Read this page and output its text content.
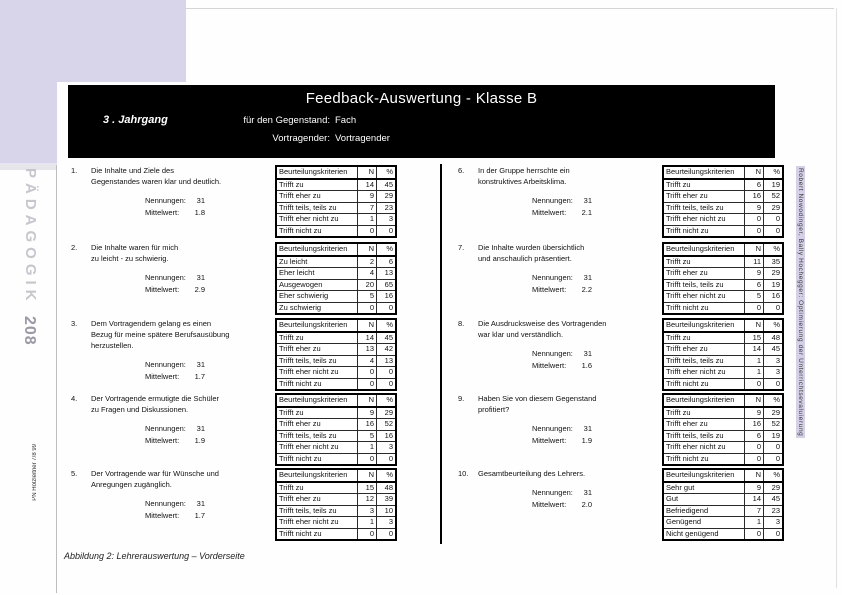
PÄDAGOGIK
208
PN Holzleitner 7/8 99
Robert Nowodinger, Bally Hochegger: Optimierung der Unterrichtsevaluierung
Feedback-Auswertung - Klasse B
3 . Jahrgang	für den Gegenstand: Fach
Vortragender: Vortragender
1.	Die Inhalte und Ziele des
Gegenstandes waren klar und deutlich.
Nennungen:	31
Mittelwert:	1.8
Beurteilungskriterien	N	%
Trifft zu	14	45
Trifft eher zu	9	29
Trifft teils, teils zu	7	23
Trifft eher nicht zu	1	3
Trifft nicht zu	0	0
2.	Die Inhalte waren für mich
zu leicht - zu schwierig.
Nennungen:	31
Mittelwert:	2.9
Beurteilungskriterien	N	%
Zu leicht	2	6
Eher leicht	4	13
Ausgewogen	20	65
Eher schwierig	5	16
Zu schwierig	0	0
3.	Dem Vortragendem gelang es einen
Bezug für meine spätere Berufsausübung
herzustellen.
Nennungen:	31
Mittelwert:	1.7
Beurteilungskriterien	N	%
Trifft zu	14	45
Trifft eher zu	13	42
Trifft teils, teils zu	4	13
Trifft eher nicht zu	0	0
Trifft nicht zu	0	0
4.	Der Vortragende ermutigte die Schüler
zu Fragen und Diskussionen.
Nennungen:	31
Mittelwert:	1.9
Beurteilungskriterien	N	%
Trifft zu	9	29
Trifft eher zu	16	52
Trifft teils, teils zu	5	16
Trifft eher nicht zu	1	3
Trifft nicht zu	0	0
5.	Der Vortragende war für Wünsche und
Anregungen zugänglich.
Nennungen:	31
Mittelwert:	1.7
Beurteilungskriterien	N	%
Trifft zu	15	48
Trifft eher zu	12	39
Trifft teils, teils zu	3	10
Trifft eher nicht zu	1	3
Trifft nicht zu	0	0
6.	In der Gruppe herrschte ein
konstruktives Arbeitsklima.
Nennungen:	31
Mittelwert:	2.1
Beurteilungskriterien	N	%
Trifft zu	6	19
Trifft eher zu	16	52
Trifft teils, teils zu	9	29
Trifft eher nicht zu	0	0
Trifft nicht zu	0	0
7.	Die Inhalte wurden übersichtlich
und anschaulich präsentiert.
Nennungen:	31
Mittelwert:	2.2
Beurteilungskriterien	N	%
Trifft zu	11	35
Trifft eher zu	9	29
Trifft teils, teils zu	6	19
Trifft eher nicht zu	5	16
Trifft nicht zu	0	0
8.	Die Ausdrucksweise des Vortragenden
war klar und verständlich.
Nennungen:	31
Mittelwert:	1.6
Beurteilungskriterien	N	%
Trifft zu	15	48
Trifft eher zu	14	45
Trifft teils, teils zu	1	3
Trifft eher nicht zu	1	3
Trifft nicht zu	0	0
9.	Haben Sie von diesem Gegenstand
profitiert?
Nennungen:	31
Mittelwert:	1.9
Beurteilungskriterien	N	%
Trifft zu	9	29
Trifft eher zu	16	52
Trifft teils, teils zu	6	19
Trifft eher nicht zu	0	0
Trifft nicht zu	0	0
10.	Gesamtbeurteilung des Lehrers.
Nennungen:	31
Mittelwert:	2.0
Beurteilungskriterien	N	%
Sehr gut	9	29
Gut	14	45
Befriedigend	7	23
Genügend	1	3
Nicht genügend	0	0
Abbildung 2: Lehrerauswertung – Vorderseite
